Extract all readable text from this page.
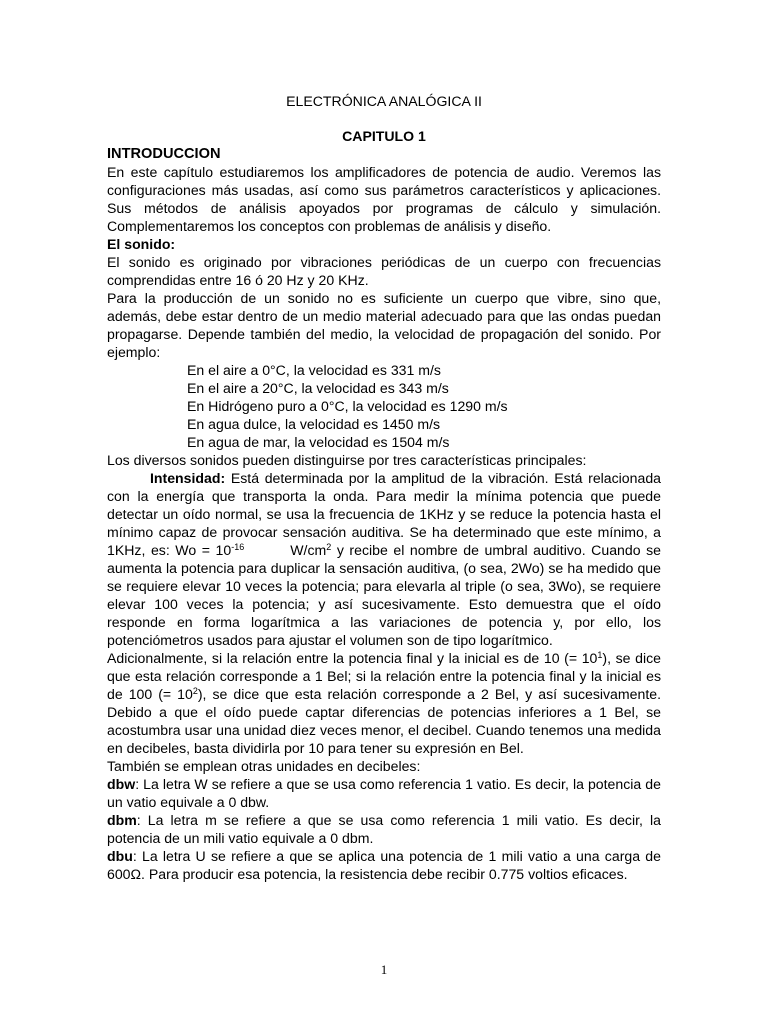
ELECTRÓNICA ANALÓGICA II

CAPITULO 1

INTRODUCCION

En este capítulo estudiaremos los amplificadores de potencia de audio. Veremos las configuraciones más usadas, así como sus parámetros característicos y aplicaciones. Sus métodos de análisis apoyados por programas de cálculo y simulación. Complementaremos los conceptos con problemas de análisis y diseño.

El sonido:

El sonido es originado por vibraciones periódicas de un cuerpo con frecuencias comprendidas entre 16 ó 20 Hz y 20 KHz.

Para la producción de un sonido no es suficiente un cuerpo que vibre, sino que, además, debe estar dentro de un medio material adecuado para que las ondas puedan propagarse. Depende también del medio, la velocidad de propagación del sonido. Por ejemplo:

En el aire a 0°C, la velocidad es 331 m/s

En el aire a 20°C, la velocidad es 343 m/s

En Hidrógeno puro a 0°C, la velocidad es 1290 m/s

En agua dulce, la velocidad es 1450 m/s

En agua de mar, la velocidad es 1504 m/s

Los diversos sonidos pueden distinguirse por tres características principales:

Intensidad: Está determinada por la amplitud de la vibración. Está relacionada con la energía que transporta la onda. Para medir la mínima potencia que puede detectar un oído normal, se usa la frecuencia de 1KHz y se reduce la potencia hasta el mínimo capaz de provocar sensación auditiva. Se ha determinado que este mínimo, a 1KHz, es: $Wo = 10^{-16}$	$W/cm^2$ y recibe el nombre de umbral auditivo. Cuando se aumenta la potencia para duplicar la sensación auditiva, (o sea, 2Wo) se ha medido que se requiere elevar 10 veces la potencia; para elevarla al triple (o sea, 3Wo), se requiere elevar 100 veces la potencia; y así sucesivamente. Esto demuestra que el oído responde en forma logarítmica a las variaciones de potencia y, por ello, los potenciómetros usados para ajustar el volumen son de tipo logarítmico.

Adicionalmente, si la relación entre la potencia final y la inicial es de 10 (= $10^1$), se dice que esta relación corresponde a 1 Bel; si la relación entre la potencia final y la inicial es de 100 (= $10^2$), se dice que esta relación corresponde a 2 Bel, y así sucesivamente. Debido a que el oído puede captar diferencias de potencias inferiores a 1 Bel, se acostumbra usar una unidad diez veces menor, el decibel. Cuando tenemos una medida en decibeles, basta dividirla por 10 para tener su expresión en Bel.

También se emplean otras unidades en decibeles:

dbw: La letra W se refiere a que se usa como referencia 1 vatio. Es decir, la potencia de un vatio equivale a 0 dbw.

dbm: La letra m se refiere a que se usa como referencia 1 mili vatio. Es decir, la potencia de un mili vatio equivale a 0 dbm.

dbu: La letra U se refiere a que se aplica una potencia de 1 mili vatio a una carga de 600Ω. Para producir esa potencia, la resistencia debe recibir 0.775 voltios eficaces.

1
